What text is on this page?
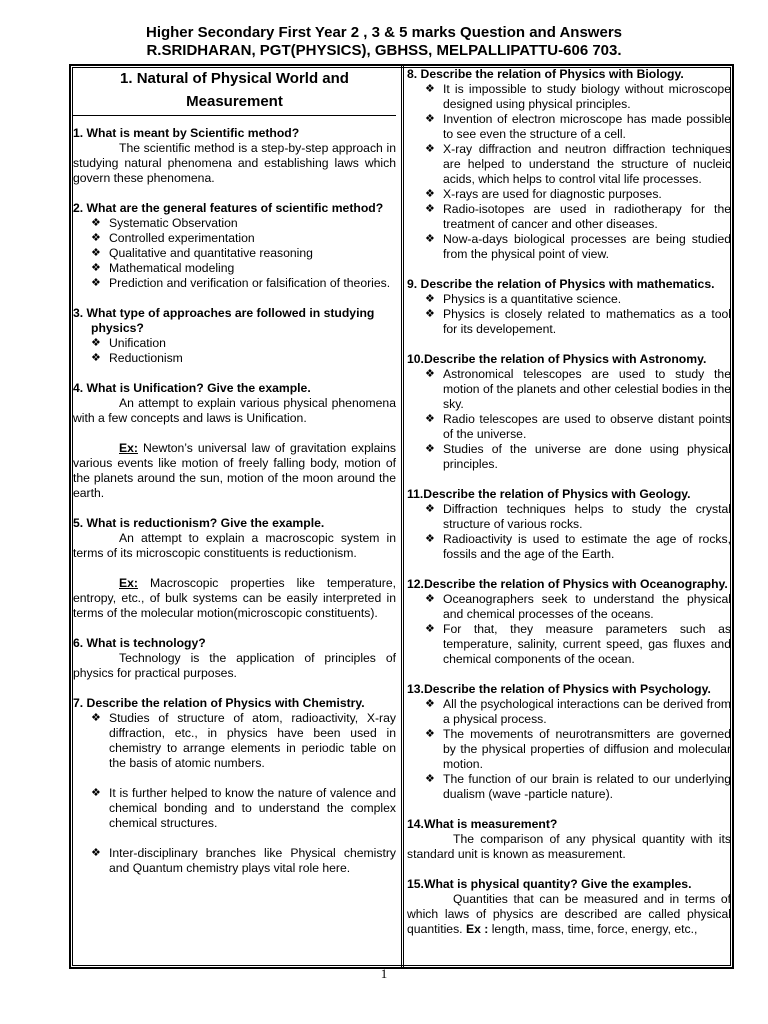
Higher Secondary First Year 2 , 3 & 5 marks Question and Answers
R.SRIDHARAN, PGT(PHYSICS), GBHSS, MELPALLIPATTU-606 703.
1. Natural of Physical World and Measurement

1. What is meant by Scientific method?

The scientific method is a step-by-step approach in studying natural phenomena and establishing laws which govern these phenomena.

2. What are the general features of scientific method?

❖ Systematic Observation
❖ Controlled experimentation
❖ Qualitative and quantitative reasoning
❖ Mathematical modeling
❖ Prediction and verification or falsification of theories.

3. What type of approaches are followed in studying

physics?

❖ Unification
❖ Reductionism

4. What is Unification? Give the example.

An attempt to explain various physical phenomena with a few concepts and laws is Unification.

Ex: Newton’s universal law of gravitation explains various events like motion of freely falling body, motion of the planets around the sun, motion of the moon around the earth.

5. What is reductionism? Give the example.

An attempt to explain a macroscopic system in terms of its microscopic constituents is reductionism.

Ex: Macroscopic properties like temperature, entropy, etc., of bulk systems can be easily interpreted in terms of the molecular motion(microscopic constituents).

6. What is technology?

Technology is the application of principles of physics for practical purposes.

7. Describe the relation of Physics with Chemistry.

❖ Studies of structure of atom, radioactivity, X-ray diffraction, etc., in physics have been used in chemistry to arrange elements in periodic table on the basis of atomic numbers.
❖ It is further helped to know the nature of valence and chemical bonding and to understand the complex chemical structures.
❖ Inter-disciplinary branches like Physical chemistry and Quantum chemistry plays vital role here.

8. Describe the relation of Physics with Biology.

❖ It is impossible to study biology without microscope designed using physical principles.
❖ Invention of electron microscope has made possible to see even the structure of a cell.
❖ X-ray diffraction and neutron diffraction techniques are helped to understand the structure of nucleic acids, which helps to control vital life processes.
❖ X-rays are used for diagnostic purposes.
❖ Radio-isotopes are used in radiotherapy for the treatment of cancer and other diseases.
❖ Now-a-days biological processes are being studied from the physical point of view.

9. Describe the relation of Physics with mathematics.

❖ Physics is a quantitative science.
❖ Physics is closely related to mathematics as a tool for its developement.

10.Describe the relation of Physics with Astronomy.

❖ Astronomical telescopes are used to study the motion of the planets and other celestial bodies in the sky.
❖ Radio telescopes are used to observe distant points of the universe.
❖ Studies of the universe are done using physical principles.

11.Describe the relation of Physics with Geology.

❖ Diffraction techniques helps to study the crystal structure of various rocks.
❖ Radioactivity is used to estimate the age of rocks, fossils and the age of the Earth.

12.Describe the relation of Physics with Oceanography.

❖ Oceanographers seek to understand the physical and chemical processes of the oceans.
❖ For that, they measure parameters such as temperature, salinity, current speed, gas fluxes and chemical components of the ocean.

13.Describe the relation of Physics with Psychology.

❖ All the psychological interactions can be derived from a physical process.
❖ The movements of neurotransmitters are governed by the physical properties of diffusion and molecular motion.
❖ The function of our brain is related to our underlying dualism (wave -particle nature).

14.What is measurement?

The comparison of any physical quantity with its standard unit is known as measurement.

15.What is physical quantity? Give the examples.

Quantities that can be measured and in terms of which laws of physics are described are called physical quantities. Ex : length, mass, time, force, energy, etc.,

1
